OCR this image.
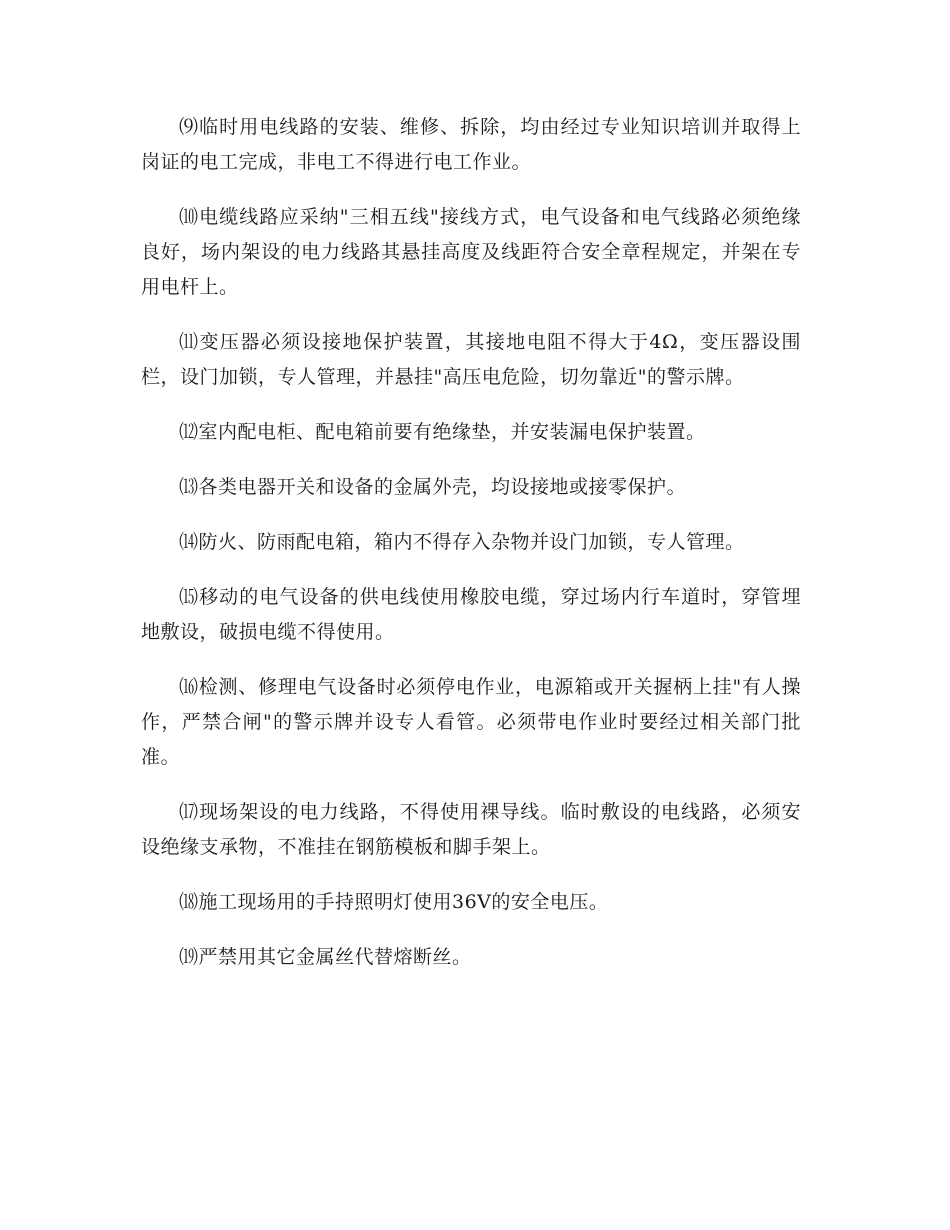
⑼临时用电线路的安装、维修、拆除，均由经过专业知识培训并取得上岗证的电工完成，非电工不得进行电工作业。

⑽电缆线路应采纳"三相五线"接线方式，电气设备和电气线路必须绝缘良好，场内架设的电力线路其悬挂高度及线距符合安全章程规定，并架在专用电杆上。

⑾变压器必须设接地保护装置，其接地电阻不得大于4Ω，变压器设围栏，设门加锁，专人管理，并悬挂"高压电危险，切勿靠近"的警示牌。

⑿室内配电柜、配电箱前要有绝缘垫，并安装漏电保护装置。

⒀各类电器开关和设备的金属外壳，均设接地或接零保护。

⒁防火、防雨配电箱，箱内不得存入杂物并设门加锁，专人管理。

⒂移动的电气设备的供电线使用橡胶电缆，穿过场内行车道时，穿管埋地敷设，破损电缆不得使用。

⒃检测、修理电气设备时必须停电作业，电源箱或开关握柄上挂"有人操作，严禁合闸"的警示牌并设专人看管。必须带电作业时要经过相关部门批准。

⒄现场架设的电力线路，不得使用裸导线。临时敷设的电线路，必须安设绝缘支承物，不准挂在钢筋模板和脚手架上。

⒅施工现场用的手持照明灯使用36V的安全电压。

⒆严禁用其它金属丝代替熔断丝。
